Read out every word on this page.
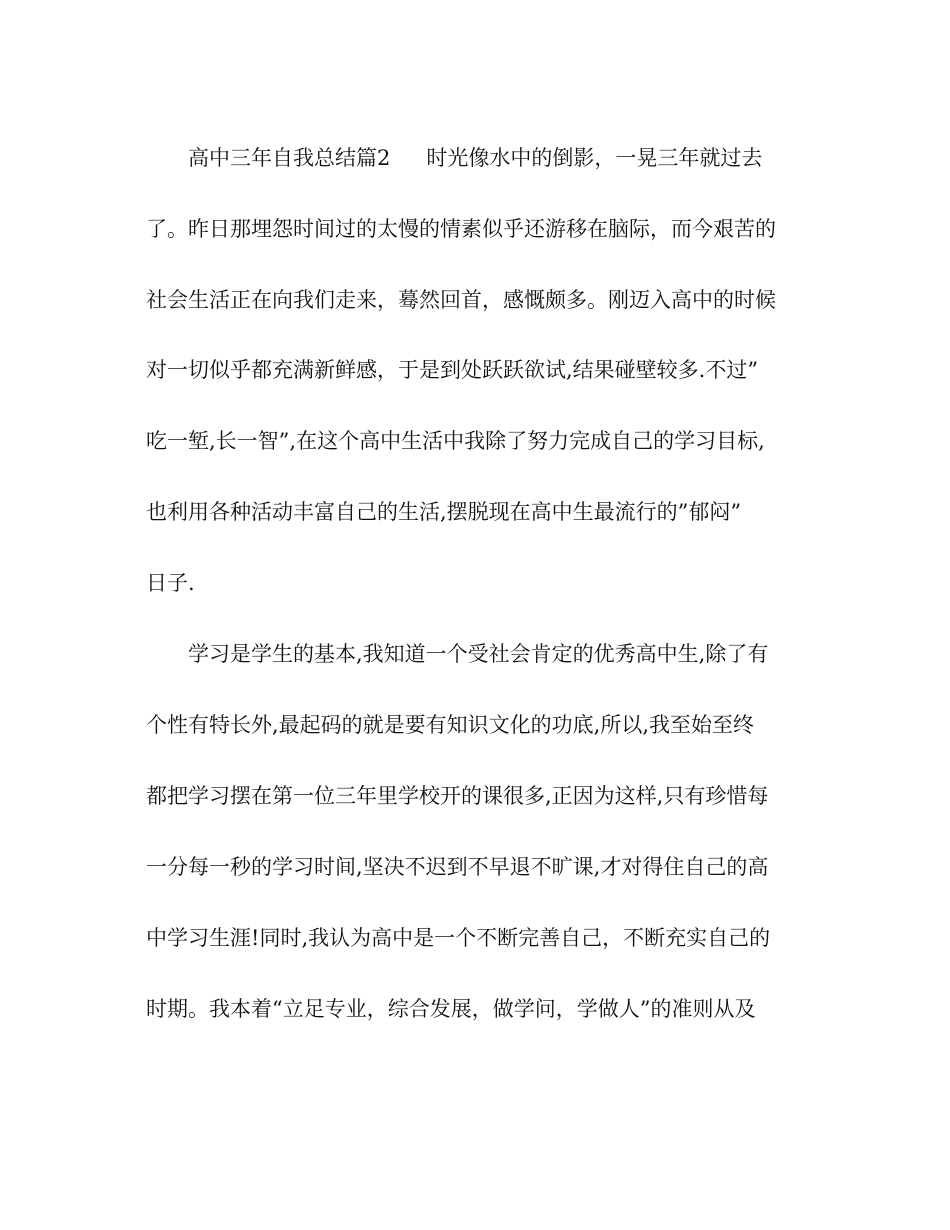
高中三年自我总结篇2 时光像水中的倒影，一晃三年就过去
了。昨日那埋怨时间过的太慢的情素似乎还游移在脑际，而今艰苦的
社会生活正在向我们走来，蓦然回首，感慨颇多。刚迈入高中的时候
对一切似乎都充满新鲜感，于是到处跃跃欲试,结果碰壁较多.不过”
吃一堑,长一智”,在这个高中生活中我除了努力完成自己的学习目标,
也利用各种活动丰富自己的生活,摆脱现在高中生最流行的”郁闷”
日子.
学习是学生的基本,我知道一个受社会肯定的优秀高中生,除了有
个性有特长外,最起码的就是要有知识文化的功底,所以,我至始至终
都把学习摆在第一位三年里学校开的课很多,正因为这样,只有珍惜每
一分每一秒的学习时间,坚决不迟到不早退不旷课,才对得住自己的高
中学习生涯!同时,我认为高中是一个不断完善自己，不断充实自己的
时期。我本着“立足专业，综合发展，做学问，学做人”的准则从及
